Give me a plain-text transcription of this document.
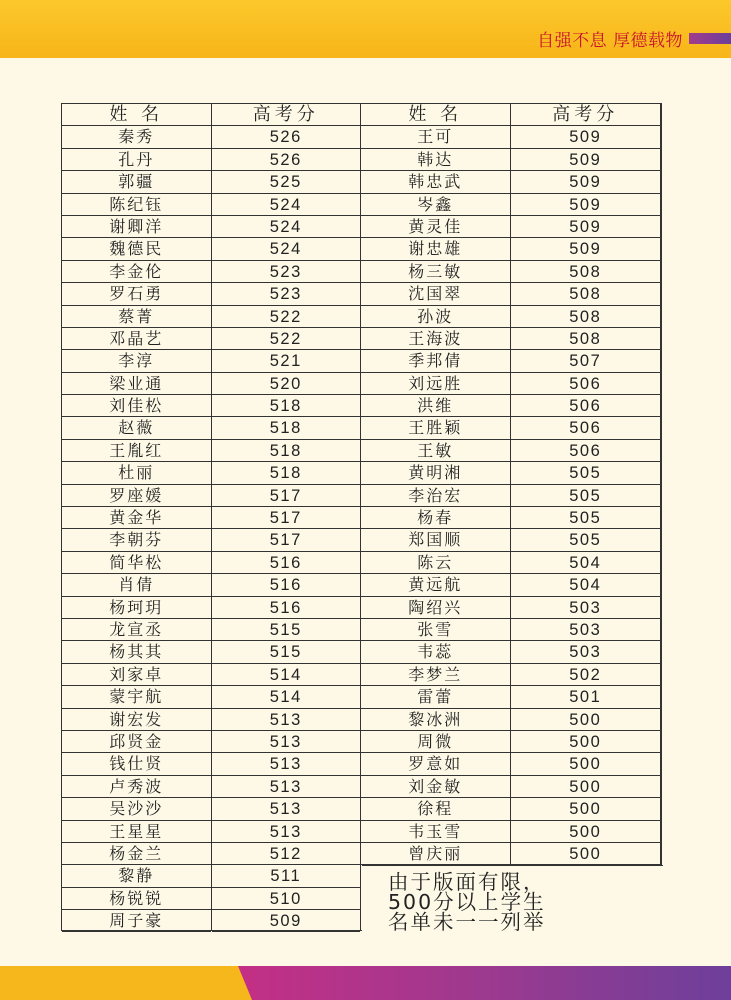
自强不息 厚德载物
姓 名
秦秀
孔丹
郭疆
陈纪钰
谢卿洋
魏德民
李金伦
罗石勇
蔡菁
邓晶艺
李淳
梁业通
刘佳松
赵薇
王胤红
杜丽
罗座媛
黄金华
李朝芬
简华松
肖倩
杨珂玥
龙宣丞
杨其其
刘家卓
蒙宇航
谢宏发
邱贤金
钱仕贤
卢秀波
吴沙沙
王星星
杨金兰
黎静
杨锐锐
周子豪
高考分
526
526
525
524
524
524
523
523
522
522
521
520
518
518
518
518
517
517
517
516
516
516
515
515
514
514
513
513
513
513
513
513
512
511
510
509
姓 名
王可
韩达
韩忠武
岑鑫
黄灵佳
谢忠雄
杨三敏
沈国翠
孙波
王海波
季邦倩
刘远胜
洪维
王胜颖
王敏
黄明湘
李治宏
杨春
郑国顺
陈云
黄远航
陶绍兴
张雪
韦蕊
李梦兰
雷蕾
黎冰洲
周微
罗意如
刘金敏
徐程
韦玉雪
曾庆丽
高考分
509
509
509
509
509
509
508
508
508
508
507
506
506
506
506
505
505
505
505
504
504
503
503
503
502
501
500
500
500
500
500
500
500
由于版面有限，
500分以上学生
名单未一一列举
